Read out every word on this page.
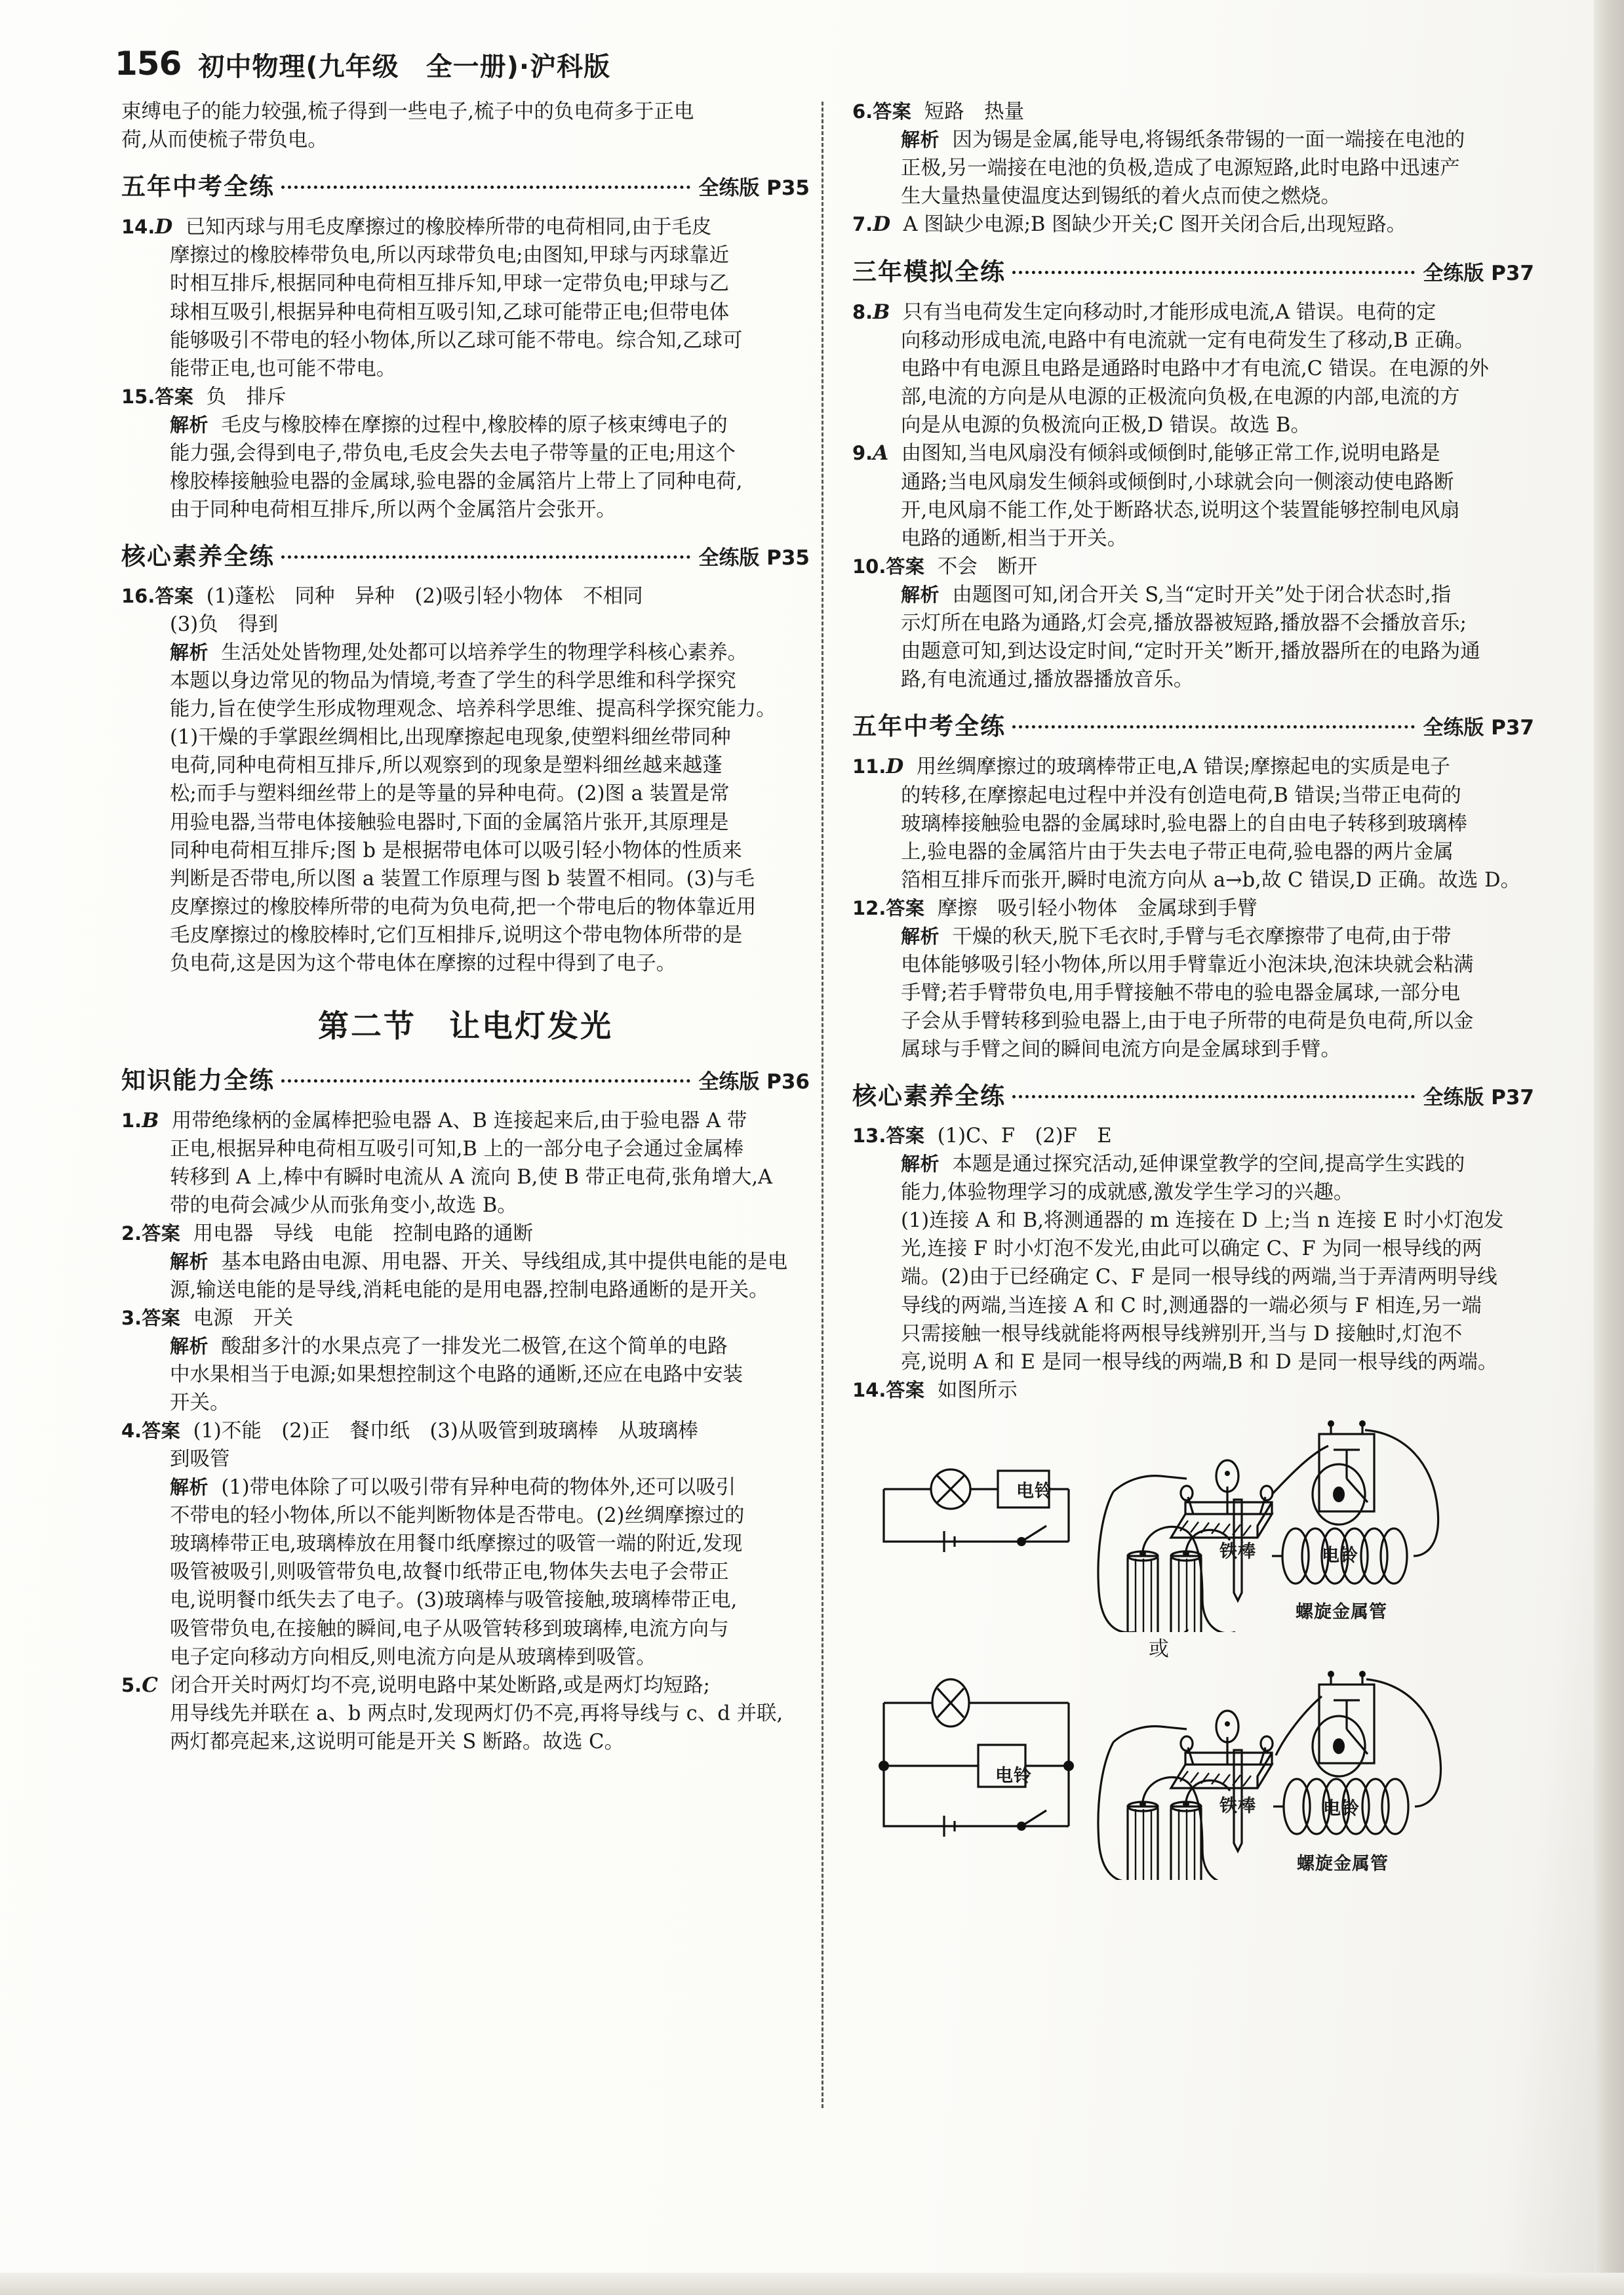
156 初中物理(九年级　全一册)·沪科版

束缚电子的能力较强,梳子得到一些电子,梳子中的负电荷多于正电

荷,从而使梳子带负电。

五年中考全练	全练版 P35

14.D 已知丙球与用毛皮摩擦过的橡胶棒所带的电荷相同,由于毛皮

摩擦过的橡胶棒带负电,所以丙球带负电;由图知,甲球与丙球靠近

时相互排斥,根据同种电荷相互排斥知,甲球一定带负电;甲球与乙

球相互吸引,根据异种电荷相互吸引知,乙球可能带正电;但带电体

能够吸引不带电的轻小物体,所以乙球可能不带电。综合知,乙球可

能带正电,也可能不带电。

15.答案 负　排斥

解析 毛皮与橡胶棒在摩擦的过程中,橡胶棒的原子核束缚电子的

能力强,会得到电子,带负电,毛皮会失去电子带等量的正电;用这个

橡胶棒接触验电器的金属球,验电器的金属箔片上带上了同种电荷,

由于同种电荷相互排斥,所以两个金属箔片会张开。

核心素养全练	全练版 P35

16.答案 (1)蓬松　同种　异种　(2)吸引轻小物体　不相同

(3)负　得到

解析 生活处处皆物理,处处都可以培养学生的物理学科核心素养。

本题以身边常见的物品为情境,考查了学生的科学思维和科学探究

能力,旨在使学生形成物理观念、培养科学思维、提高科学探究能力。

(1)干燥的手掌跟丝绸相比,出现摩擦起电现象,使塑料细丝带同种

电荷,同种电荷相互排斥,所以观察到的现象是塑料细丝越来越蓬

松;而手与塑料细丝带上的是等量的异种电荷。(2)图 a 装置是常

用验电器,当带电体接触验电器时,下面的金属箔片张开,其原理是

同种电荷相互排斥;图 b 是根据带电体可以吸引轻小物体的性质来

判断是否带电,所以图 a 装置工作原理与图 b 装置不相同。(3)与毛

皮摩擦过的橡胶棒所带的电荷为负电荷,把一个带电后的物体靠近用

毛皮摩擦过的橡胶棒时,它们互相排斥,说明这个带电物体所带的是

负电荷,这是因为这个带电体在摩擦的过程中得到了电子。

第二节　让电灯发光
知识能力全练	全练版 P36

1.B 用带绝缘柄的金属棒把验电器 A、B 连接起来后,由于验电器 A 带

正电,根据异种电荷相互吸引可知,B 上的一部分电子会通过金属棒

转移到 A 上,棒中有瞬时电流从 A 流向 B,使 B 带正电荷,张角增大,A

带的电荷会减少从而张角变小,故选 B。

2.答案 用电器　导线　电能　控制电路的通断

解析 基本电路由电源、用电器、开关、导线组成,其中提供电能的是电

源,输送电能的是导线,消耗电能的是用电器,控制电路通断的是开关。

3.答案 电源　开关

解析 酸甜多汁的水果点亮了一排发光二极管,在这个简单的电路

中水果相当于电源;如果想控制这个电路的通断,还应在电路中安装

开关。

4.答案 (1)不能　(2)正　餐巾纸　(3)从吸管到玻璃棒　从玻璃棒

到吸管

解析 (1)带电体除了可以吸引带有异种电荷的物体外,还可以吸引

不带电的轻小物体,所以不能判断物体是否带电。(2)丝绸摩擦过的

玻璃棒带正电,玻璃棒放在用餐巾纸摩擦过的吸管一端的附近,发现

吸管被吸引,则吸管带负电,故餐巾纸带正电,物体失去电子会带正

电,说明餐巾纸失去了电子。(3)玻璃棒与吸管接触,玻璃棒带正电,

吸管带负电,在接触的瞬间,电子从吸管转移到玻璃棒,电流方向与

电子定向移动方向相反,则电流方向是从玻璃棒到吸管。

5.C 闭合开关时两灯均不亮,说明电路中某处断路,或是两灯均短路;

用导线先并联在 a、b 两点时,发现两灯仍不亮,再将导线与 c、d 并联,

两灯都亮起来,这说明可能是开关 S 断路。故选 C。

6.答案 短路　热量

解析 因为锡是金属,能导电,将锡纸条带锡的一面一端接在电池的

正极,另一端接在电池的负极,造成了电源短路,此时电路中迅速产

生大量热量使温度达到锡纸的着火点而使之燃烧。

7.D A 图缺少电源;B 图缺少开关;C 图开关闭合后,出现短路。

三年模拟全练	全练版 P37

8.B 只有当电荷发生定向移动时,才能形成电流,A 错误。电荷的定

向移动形成电流,电路中有电流就一定有电荷发生了移动,B 正确。

电路中有电源且电路是通路时电路中才有电流,C 错误。在电源的外

部,电流的方向是从电源的正极流向负极,在电源的内部,电流的方

向是从电源的负极流向正极,D 错误。故选 B。

9.A 由图知,当电风扇没有倾斜或倾倒时,能够正常工作,说明电路是

通路;当电风扇发生倾斜或倾倒时,小球就会向一侧滚动使电路断

开,电风扇不能工作,处于断路状态,说明这个装置能够控制电风扇

电路的通断,相当于开关。

10.答案 不会　断开

解析 由题图可知,闭合开关 S,当“定时开关”处于闭合状态时,指

示灯所在电路为通路,灯会亮,播放器被短路,播放器不会播放音乐;

由题意可知,到达设定时间,“定时开关”断开,播放器所在的电路为通

路,有电流通过,播放器播放音乐。

五年中考全练	全练版 P37

11.D 用丝绸摩擦过的玻璃棒带正电,A 错误;摩擦起电的实质是电子

的转移,在摩擦起电过程中并没有创造电荷,B 错误;当带正电荷的

玻璃棒接触验电器的金属球时,验电器上的自由电子转移到玻璃棒

上,验电器的金属箔片由于失去电子带正电荷,验电器的两片金属

箔相互排斥而张开,瞬时电流方向从 a→b,故 C 错误,D 正确。故选 D。

12.答案 摩擦　吸引轻小物体　金属球到手臂

解析 干燥的秋天,脱下毛衣时,手臂与毛衣摩擦带了电荷,由于带

电体能够吸引轻小物体,所以用手臂靠近小泡沫块,泡沫块就会粘满

手臂;若手臂带负电,用手臂接触不带电的验电器金属球,一部分电

子会从手臂转移到验电器上,由于电子所带的电荷是负电荷,所以金

属球与手臂之间的瞬间电流方向是金属球到手臂。

核心素养全练	全练版 P37

13.答案 (1)C、F　(2)F　E

解析 本题是通过探究活动,延伸课堂教学的空间,提高学生实践的

能力,体验物理学习的成就感,激发学生学习的兴趣。

(1)连接 A 和 B,将测通器的 m 连接在 D 上;当 n 连接 E 时小灯泡发

光,连接 F 时小灯泡不发光,由此可以确定 C、F 为同一根导线的两

端。(2)由于已经确定 C、F 是同一根导线的两端,当于弄清两明导线

导线的两端,当连接 A 和 C 时,测通器的一端必须与 F 相连,另一端

只需接触一根导线就能将两根导线辨别开,当与 D 接触时,灯泡不

亮,说明 A 和 E 是同一根导线的两端,B 和 D 是同一根导线的两端。

14.答案 如图所示

电铃
铁棒	电铃
螺旋金属管
或
电铃
铁棒	电铃
螺旋金属管
